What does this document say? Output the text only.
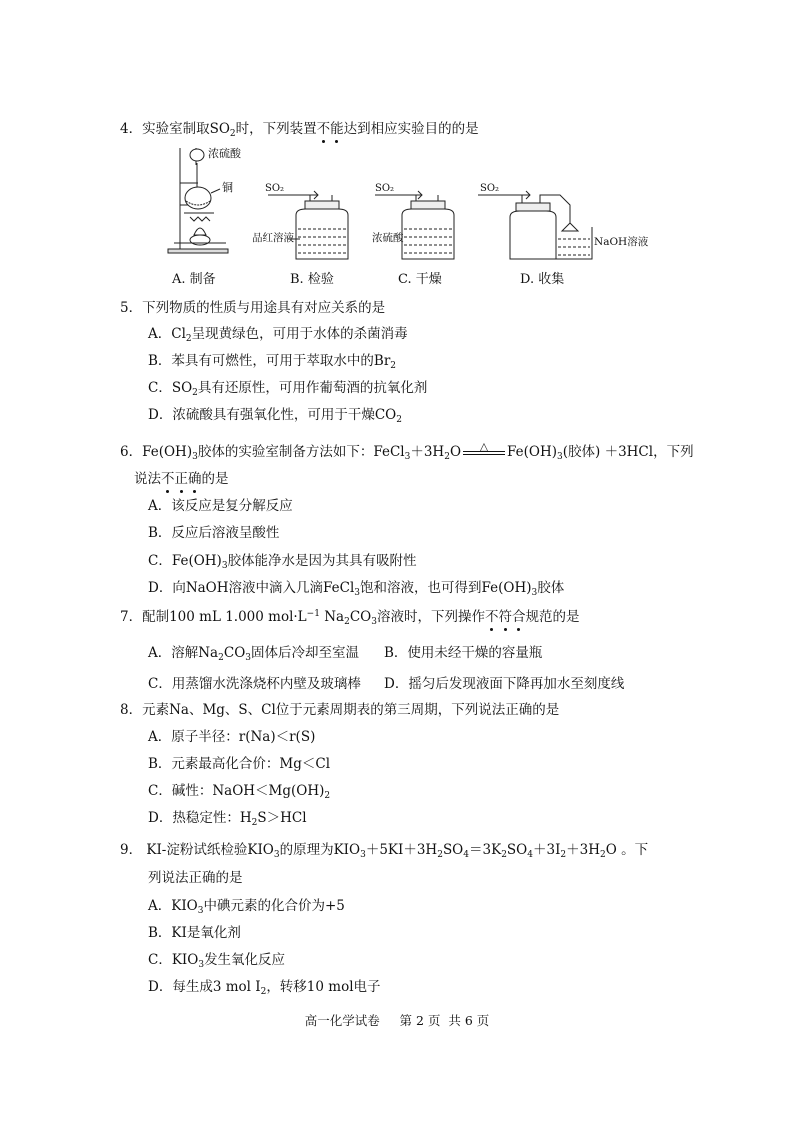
4．实验室制取$SO_2$时，下列装置不能达到相应实验目的的是
浓硫酸
铜	SO₂
品红溶液
SO₂
浓硫酸
SO₂
NaOH溶液
A. 制备	B. 检验	C. 干燥	D. 收集
5．下列物质的性质与用途具有对应关系的是
A．$Cl_2$呈现黄绿色，可用于水体的杀菌消毒
B．苯具有可燃性，可用于萃取水中的$Br_2$
C．$SO_2$具有还原性，可用作葡萄酒的抗氧化剂
D．浓硫酸具有强氧化性，可用于干燥$CO_2$
6．$Fe(OH)_3$胶体的实验室制备方法如下：$FeCl_3+3H_2O$ △ $Fe(OH)_3$(胶体) ＋3HCl，下列
说法不正确的是
A．该反应是复分解反应
B．反应后溶液呈酸性
C．$Fe(OH)_3$胶体能净水是因为其具有吸附性
D．向NaOH溶液中滴入几滴FeCl$_3$饱和溶液，也可得到$Fe(OH)_3$胶体
7．配制100 mL 1.000 $mol\cdot L^{-1}$ $Na_2CO_3$溶液时，下列操作不符合规范的是
A．溶解$Na_2CO_3$固体后冷却至室温 B．使用未经干燥的容量瓶
C．用蒸馏水洗涤烧杯内壁及玻璃棒 D．摇匀后发现液面下降再加水至刻度线
8．元素Na、Mg、S、Cl位于元素周期表的第三周期，下列说法正确的是
A．原子半径：r(Na)＜r(S)
B．元素最高化合价：Mg＜Cl
C．碱性：$NaOH<Mg(OH)_2$
D．热稳定性：$H_2S>HCl$
9． KI-淀粉试纸检验$KIO_3$的原理为$KIO_3+5KI+3H_2SO_4=3K_2SO_4+3I_2+3H_2O$ 。下
列说法正确的是
A．$KIO_3$中碘元素的化合价为+5
B．KI是氧化剂
C．$KIO_3$发生氧化反应
D．每生成3 mol $I_2$，转移10 mol电子
高一化学试卷     第 2 页  共 6 页
